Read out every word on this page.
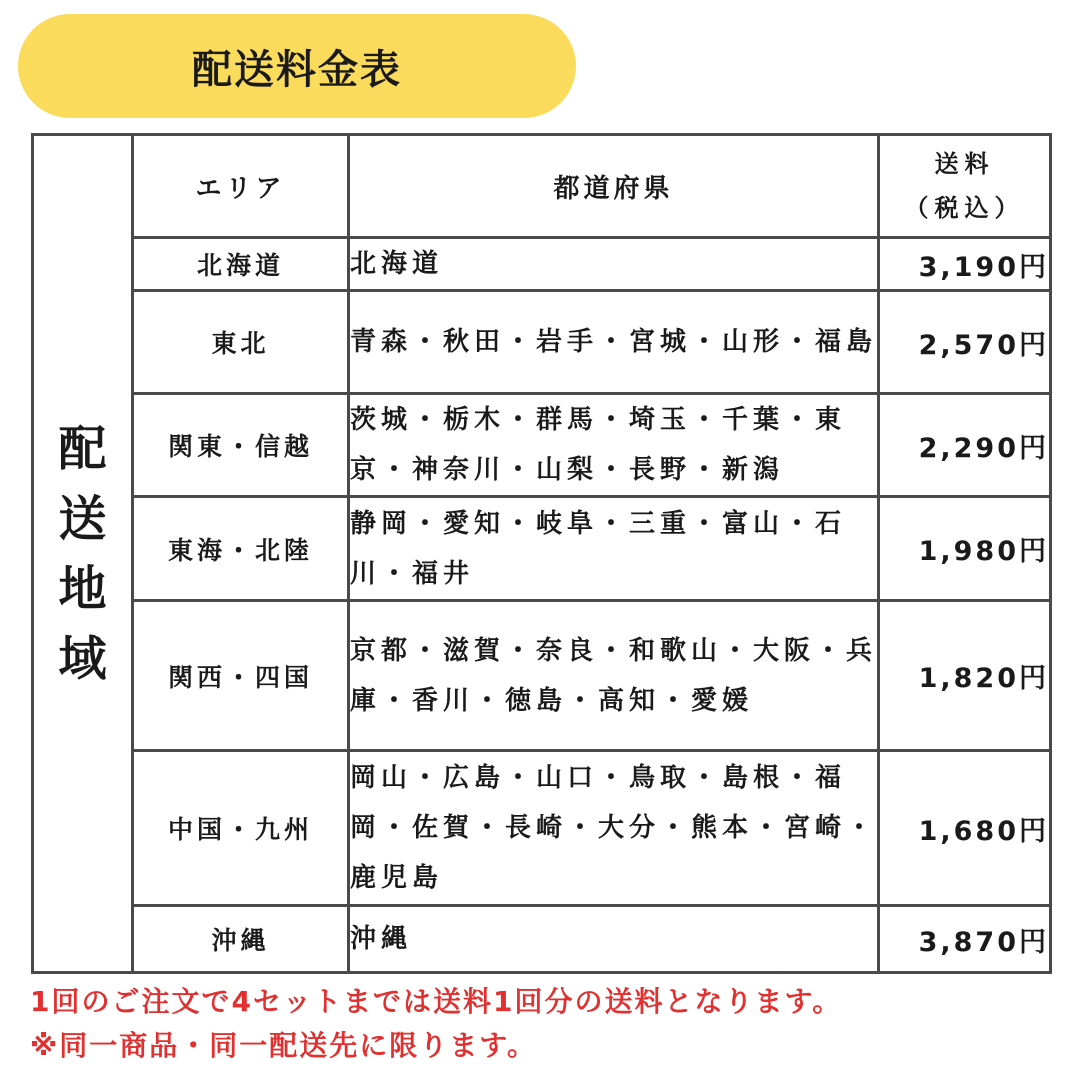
配送料金表
配送地域	エリア	都道府県	送料
（税込）

	北海道	北海道	3,190円
	東北	青森・秋田・岩手・宮城・山形・福島	2,570円
	関東・信越	茨城・栃木・群馬・埼玉・千葉・東京・神奈川・山梨・長野・新潟	2,290円
	東海・北陸	静岡・愛知・岐阜・三重・富山・石川・福井	1,980円
	関西・四国	京都・滋賀・奈良・和歌山・大阪・兵庫・香川・徳島・高知・愛媛	1,820円
	中国・九州	岡山・広島・山口・鳥取・島根・福岡・佐賀・長崎・大分・熊本・宮崎・鹿児島	1,680円
	沖縄	沖縄	3,870円
1回のご注文で4セットまでは送料1回分の送料となります。
※同一商品・同一配送先に限ります。
